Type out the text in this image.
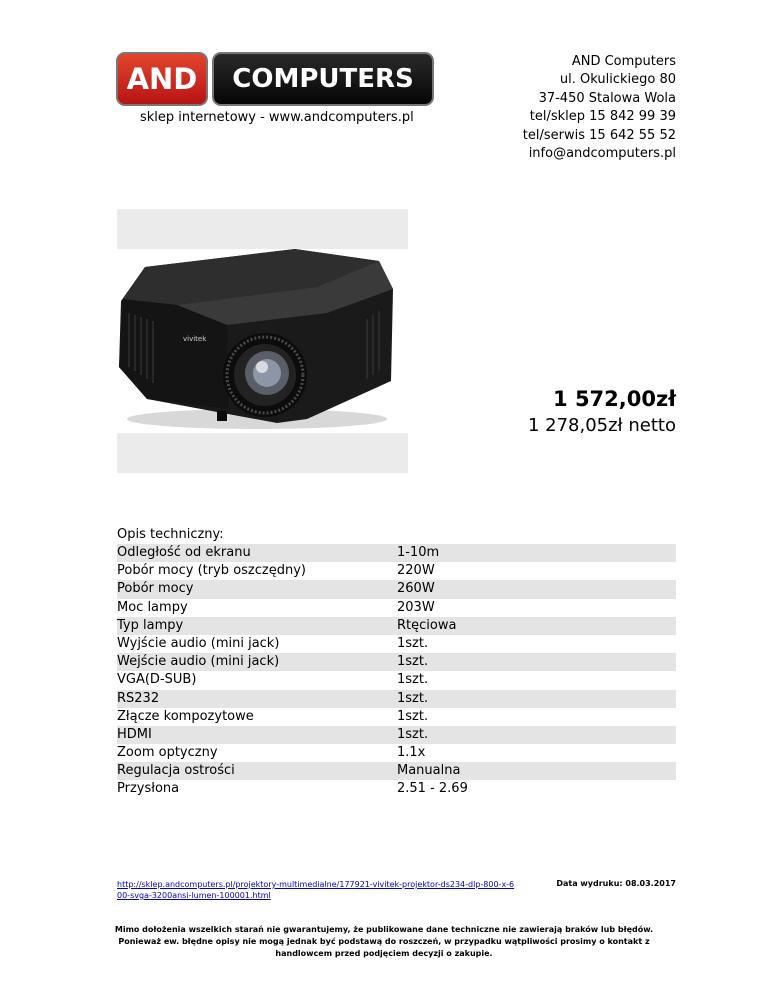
AND	COMPUTERS
sklep internetowy - www.andcomputers.pl
AND Computers
ul. Okulickiego 80
37-450 Stalowa Wola
tel/sklep 15 842 99 39
tel/serwis 15 642 55 52
info@andcomputers.pl
vivitek
1 572,00zł
1 278,05zł netto
Opis techniczny:
Odległość od ekranu	1-10m
Pobór mocy (tryb oszczędny)	220W
Pobór mocy	260W
Moc lampy	203W
Typ lampy	Rtęciowa
Wyjście audio (mini jack)	1szt.
Wejście audio (mini jack)	1szt.
VGA(D-SUB)	1szt.
RS232	1szt.
Złącze kompozytowe	1szt.
HDMI	1szt.
Zoom optyczny	1.1x
Regulacja ostrości	Manualna
Przysłona	2.51 - 2.69
http://sklep.andcomputers.pl/projektory-multimedialne/177921-vivitek-projektor-ds234-dlp-800-x-600-svga-3200ansi-lumen-100001.html
Data wydruku: 08.03.2017
Mimo dołożenia wszelkich starań nie gwarantujemy, że publikowane dane techniczne nie zawierają braków lub błędów. Ponieważ ew. błędne opisy nie mogą jednak być podstawą do roszczeń, w przypadku wątpliwości prosimy o kontakt z handlowcem przed podjęciem decyzji o zakupie.
